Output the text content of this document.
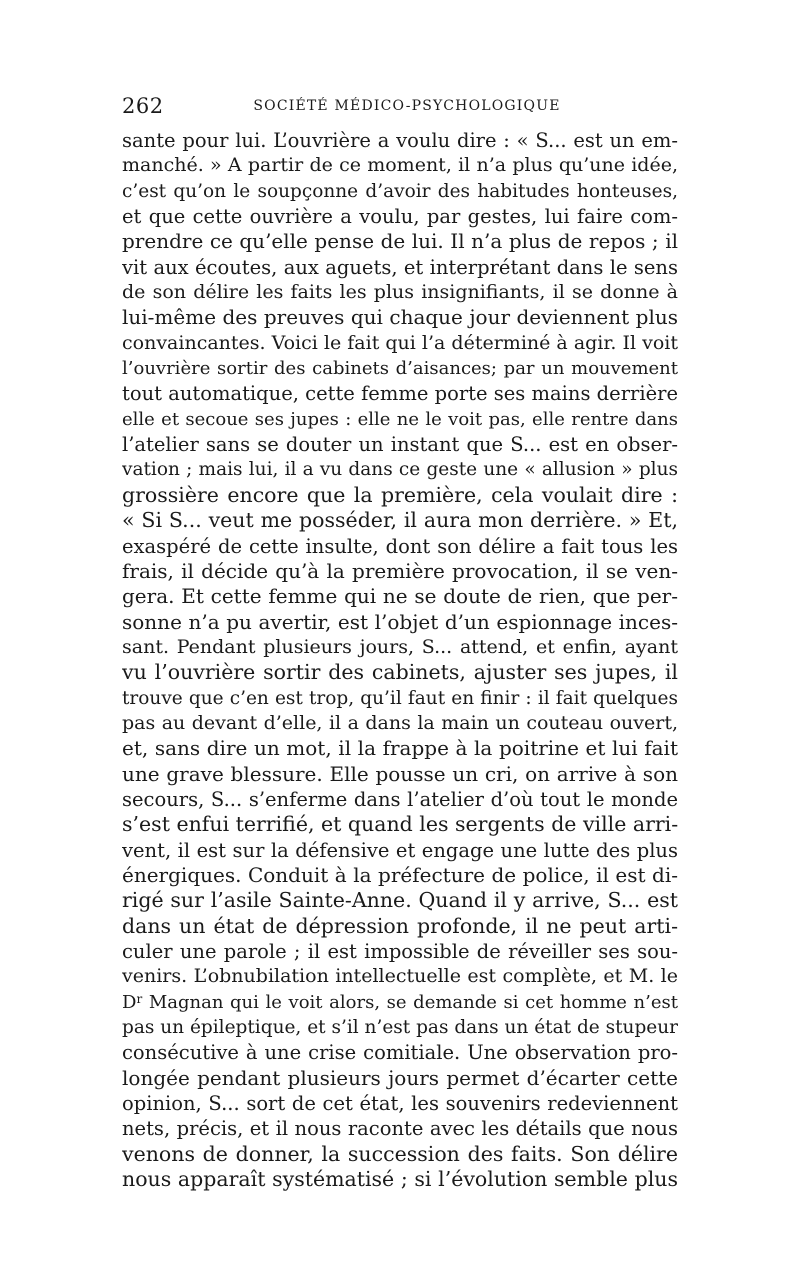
262	SOCIÉTÉ MÉDICO-PSYCHOLOGIQUE
sante pour lui. L’ouvrière a voulu dire : « S... est un em-
manché. » A partir de ce moment, il n’a plus qu’une idée,
c’est qu’on le soupçonne d’avoir des habitudes honteuses,
et que cette ouvrière a voulu, par gestes, lui faire com-
prendre ce qu’elle pense de lui. Il n’a plus de repos ; il
vit aux écoutes, aux aguets, et interprétant dans le sens
de son délire les faits les plus insignifiants, il se donne à
lui-même des preuves qui chaque jour deviennent plus
convaincantes. Voici le fait qui l’a déterminé à agir. Il voit
l’ouvrière sortir des cabinets d’aisances; par un mouvement
tout automatique, cette femme porte ses mains derrière
elle et secoue ses jupes : elle ne le voit pas, elle rentre dans
l’atelier sans se douter un instant que S... est en obser-
vation ; mais lui, il a vu dans ce geste une « allusion » plus
grossière encore que la première, cela voulait dire :
« Si S... veut me posséder, il aura mon derrière. » Et,
exaspéré de cette insulte, dont son délire a fait tous les
frais, il décide qu’à la première provocation, il se ven-
gera. Et cette femme qui ne se doute de rien, que per-
sonne n’a pu avertir, est l’objet d’un espionnage inces-
sant. Pendant plusieurs jours, S... attend, et enfin, ayant
vu l’ouvrière sortir des cabinets, ajuster ses jupes, il
trouve que c’en est trop, qu’il faut en finir : il fait quelques
pas au devant d’elle, il a dans la main un couteau ouvert,
et, sans dire un mot, il la frappe à la poitrine et lui fait
une grave blessure. Elle pousse un cri, on arrive à son
secours, S... s’enferme dans l’atelier d’où tout le monde
s’est enfui terrifié, et quand les sergents de ville arri-
vent, il est sur la défensive et engage une lutte des plus
énergiques. Conduit à la préfecture de police, il est di-
rigé sur l’asile Sainte-Anne. Quand il y arrive, S... est
dans un état de dépression profonde, il ne peut arti-
culer une parole ; il est impossible de réveiller ses sou-
venirs. L’obnubilation intellectuelle est complète, et M. le
$D^r$ Magnan qui le voit alors, se demande si cet homme n’est
pas un épileptique, et s’il n’est pas dans un état de stupeur
consécutive à une crise comitiale. Une observation pro-
longée pendant plusieurs jours permet d’écarter cette
opinion, S... sort de cet état, les souvenirs redeviennent
nets, précis, et il nous raconte avec les détails que nous
venons de donner, la succession des faits. Son délire
nous apparaît systématisé ; si l’évolution semble plus
